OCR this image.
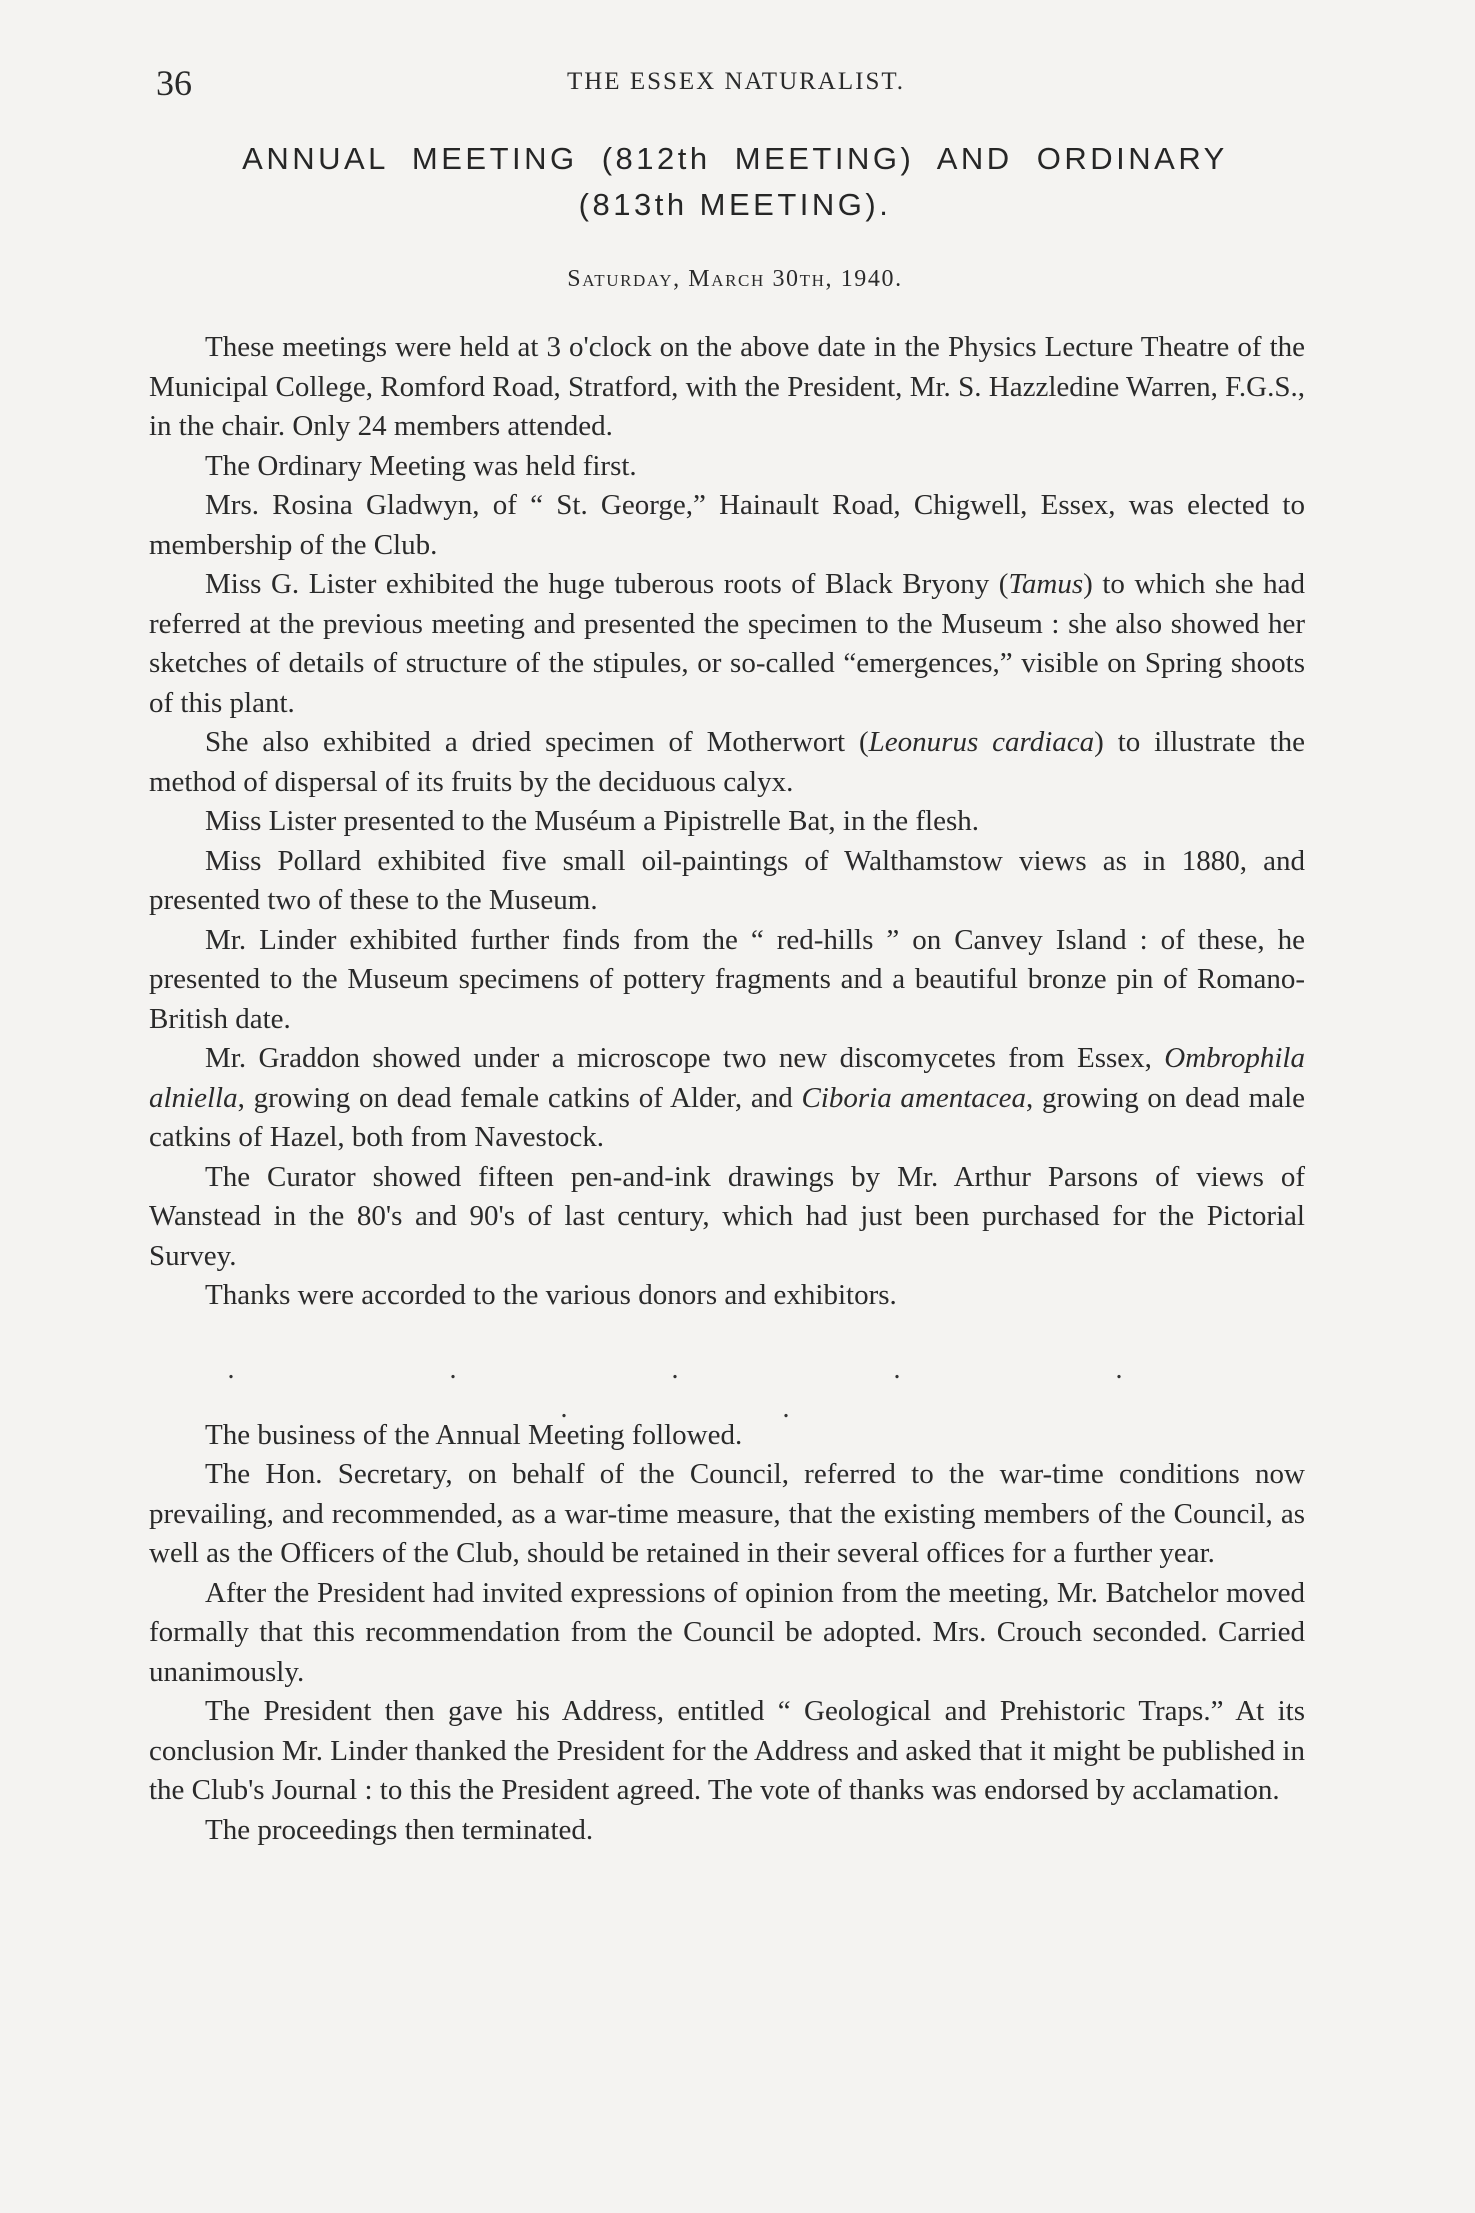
36	THE ESSEX NATURALIST.
ANNUAL MEETING (812th MEETING) AND ORDINARY
(813th MEETING).
Saturday, March 30th, 1940.

These meetings were held at 3 o'clock on the above date in the Physics Lecture Theatre of the Municipal College, Romford Road, Stratford, with the President, Mr. S. Hazzledine Warren, F.G.S., in the chair. Only 24 members attended.

The Ordinary Meeting was held first.

Mrs. Rosina Gladwyn, of “ St. George,” Hainault Road, Chigwell, Essex, was elected to membership of the Club.

Miss G. Lister exhibited the huge tuberous roots of Black Bryony (Tamus) to which she had referred at the previous meeting and presented the specimen to the Museum : she also showed her sketches of details of structure of the stipules, or so-called “emergences,” visible on Spring shoots of this plant.

She also exhibited a dried specimen of Motherwort (Leonurus cardiaca) to illustrate the method of dispersal of its fruits by the deciduous calyx.

Miss Lister presented to the Muséum a Pipistrelle Bat, in the flesh.

Miss Pollard exhibited five small oil-paintings of Walthamstow views as in 1880, and presented two of these to the Museum.

Mr. Linder exhibited further finds from the “ red-hills ” on Canvey Island : of these, he presented to the Museum specimens of pottery fragments and a beautiful bronze pin of Romano-British date.

Mr. Graddon showed under a microscope two new discomycetes from Essex, Ombrophila alniella, growing on dead female catkins of Alder, and Ciboria amentacea, growing on dead male catkins of Hazel, both from Navestock.

The Curator showed fifteen pen-and-ink drawings by Mr. Arthur Parsons of views of Wanstead in the 80's and 90's of last century, which had just been purchased for the Pictorial Survey.

Thanks were accorded to the various donors and exhibitors.

. . . . . . .

The business of the Annual Meeting followed.

The Hon. Secretary, on behalf of the Council, referred to the war-time conditions now prevailing, and recommended, as a war-time measure, that the existing members of the Council, as well as the Officers of the Club, should be retained in their several offices for a further year.

After the President had invited expressions of opinion from the meeting, Mr. Batchelor moved formally that this recommendation from the Council be adopted. Mrs. Crouch seconded. Carried unanimously.

The President then gave his Address, entitled “ Geological and Prehistoric Traps.” At its conclusion Mr. Linder thanked the President for the Address and asked that it might be published in the Club's Journal : to this the President agreed. The vote of thanks was endorsed by acclamation.

The proceedings then terminated.
